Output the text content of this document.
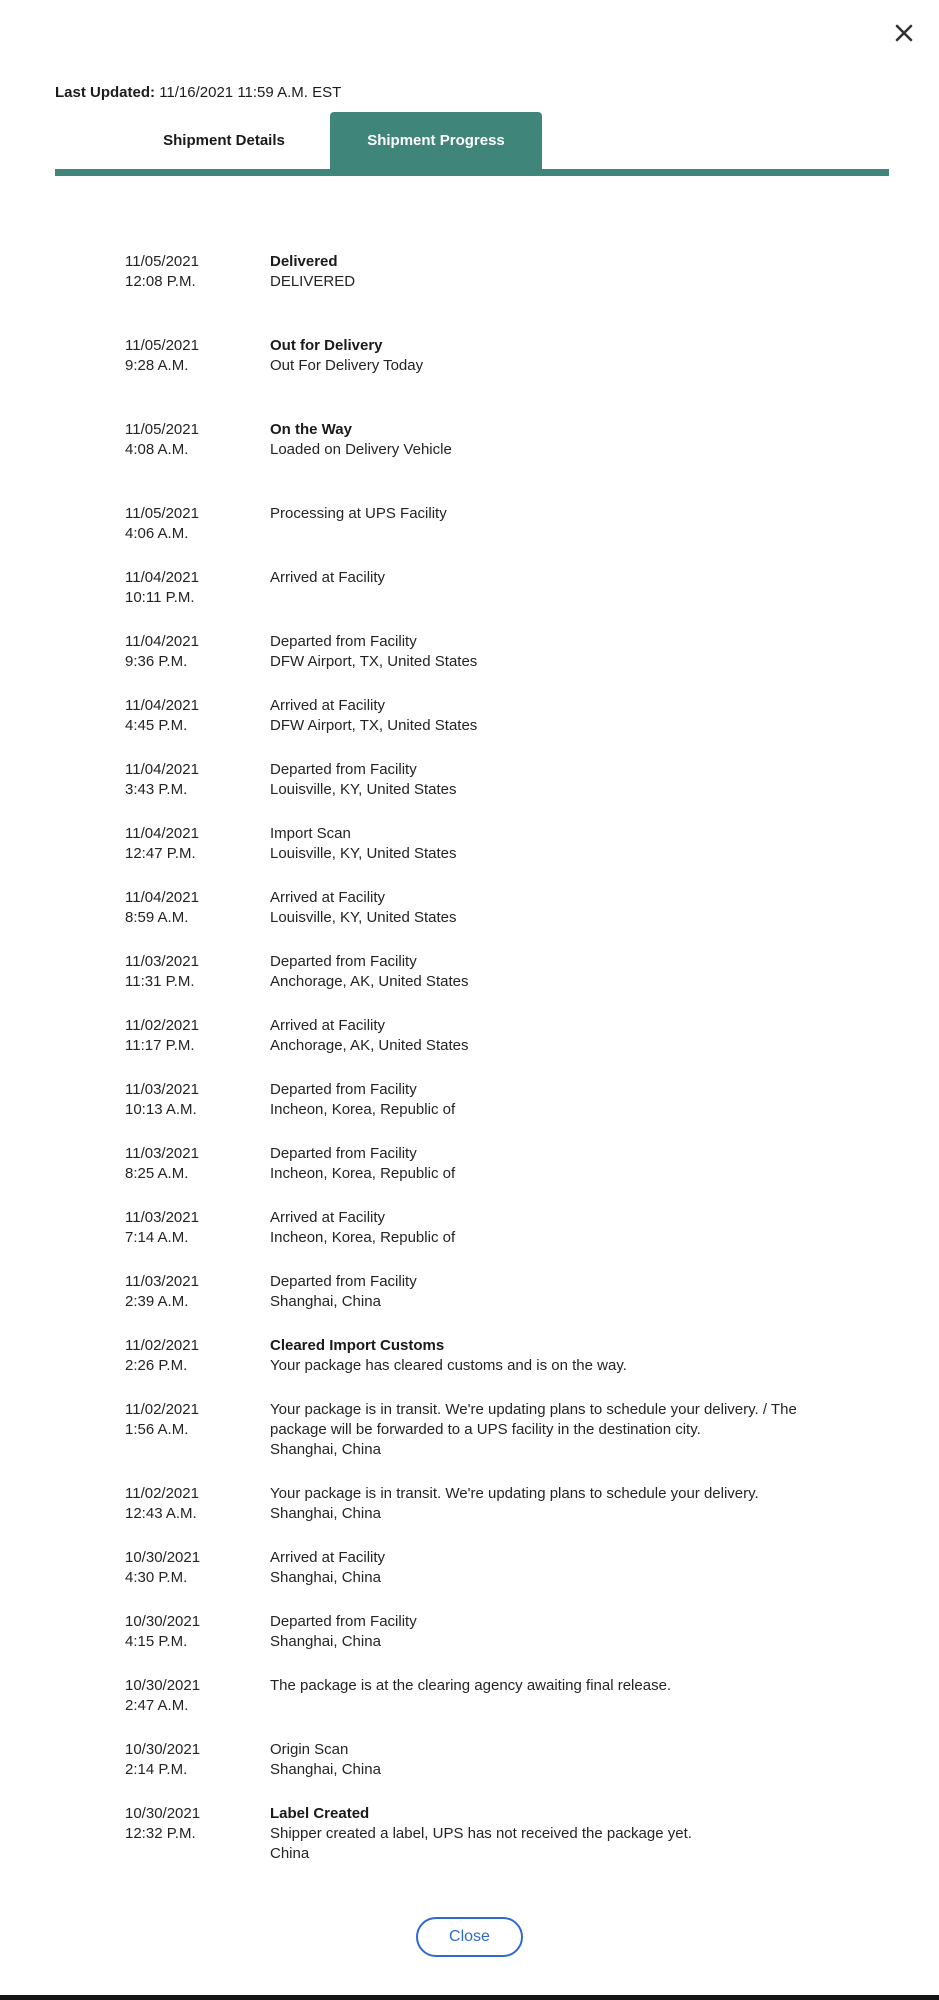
Last Updated: 11/16/2021 11:59 A.M. EST
Shipment Details	Shipment Progress
11/05/2021
12:08 P.M.
Delivered
DELIVERED
11/05/2021
9:28 A.M.
Out for Delivery
Out For Delivery Today
11/05/2021
4:08 A.M.
On the Way
Loaded on Delivery Vehicle
11/05/2021
4:06 A.M.
Processing at UPS Facility
11/04/2021
10:11 P.M.
Arrived at Facility
11/04/2021
9:36 P.M.
Departed from Facility
DFW Airport, TX, United States
11/04/2021
4:45 P.M.
Arrived at Facility
DFW Airport, TX, United States
11/04/2021
3:43 P.M.
Departed from Facility
Louisville, KY, United States
11/04/2021
12:47 P.M.
Import Scan
Louisville, KY, United States
11/04/2021
8:59 A.M.
Arrived at Facility
Louisville, KY, United States
11/03/2021
11:31 P.M.
Departed from Facility
Anchorage, AK, United States
11/02/2021
11:17 P.M.
Arrived at Facility
Anchorage, AK, United States
11/03/2021
10:13 A.M.
Departed from Facility
Incheon, Korea, Republic of
11/03/2021
8:25 A.M.
Departed from Facility
Incheon, Korea, Republic of
11/03/2021
7:14 A.M.
Arrived at Facility
Incheon, Korea, Republic of
11/03/2021
2:39 A.M.
Departed from Facility
Shanghai, China
11/02/2021
2:26 P.M.
Cleared Import Customs
Your package has cleared customs and is on the way.
11/02/2021
1:56 A.M.
Your package is in transit. We're updating plans to schedule your delivery. / The package will be forwarded to a UPS facility in the destination city.
Shanghai, China
11/02/2021
12:43 A.M.
Your package is in transit. We're updating plans to schedule your delivery.
Shanghai, China
10/30/2021
4:30 P.M.
Arrived at Facility
Shanghai, China
10/30/2021
4:15 P.M.
Departed from Facility
Shanghai, China
10/30/2021
2:47 A.M.
The package is at the clearing agency awaiting final release.
10/30/2021
2:14 P.M.
Origin Scan
Shanghai, China
10/30/2021
12:32 P.M.
Label Created
Shipper created a label, UPS has not received the package yet.
China
Close
